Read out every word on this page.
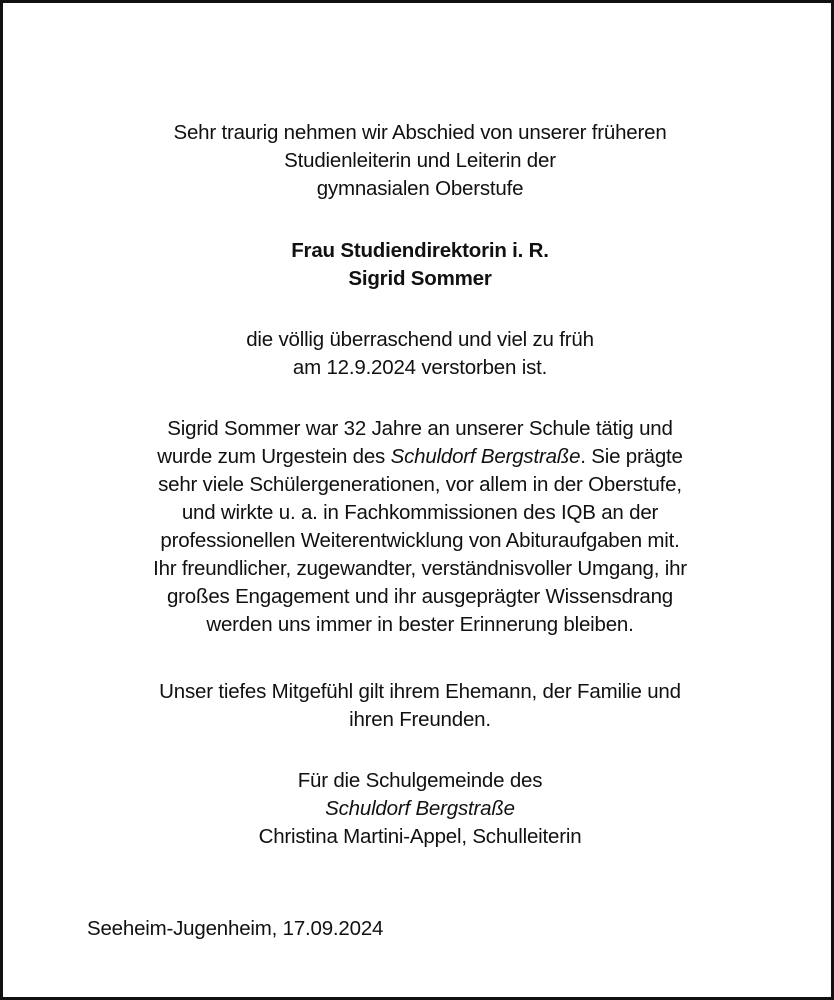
Sehr traurig nehmen wir Abschied von unserer früheren
Studienleiterin und Leiterin der
gymnasialen Oberstufe
Frau Studiendirektorin i. R.
Sigrid Sommer
die völlig überraschend und viel zu früh
am 12.9.2024 verstorben ist.
Sigrid Sommer war 32 Jahre an unserer Schule tätig und
wurde zum Urgestein des Schuldorf Bergstraße. Sie prägte
sehr viele Schülergenerationen, vor allem in der Oberstufe,
und wirkte u. a. in Fachkommissionen des IQB an der
professionellen Weiterentwicklung von Abituraufgaben mit.
Ihr freundlicher, zugewandter, verständnisvoller Umgang, ihr
großes Engagement und ihr ausgeprägter Wissensdrang
werden uns immer in bester Erinnerung bleiben.
Unser tiefes Mitgefühl gilt ihrem Ehemann, der Familie und
ihren Freunden.
Für die Schulgemeinde des
Schuldorf Bergstraße
Christina Martini-Appel, Schulleiterin
Seeheim-Jugenheim, 17.09.2024
